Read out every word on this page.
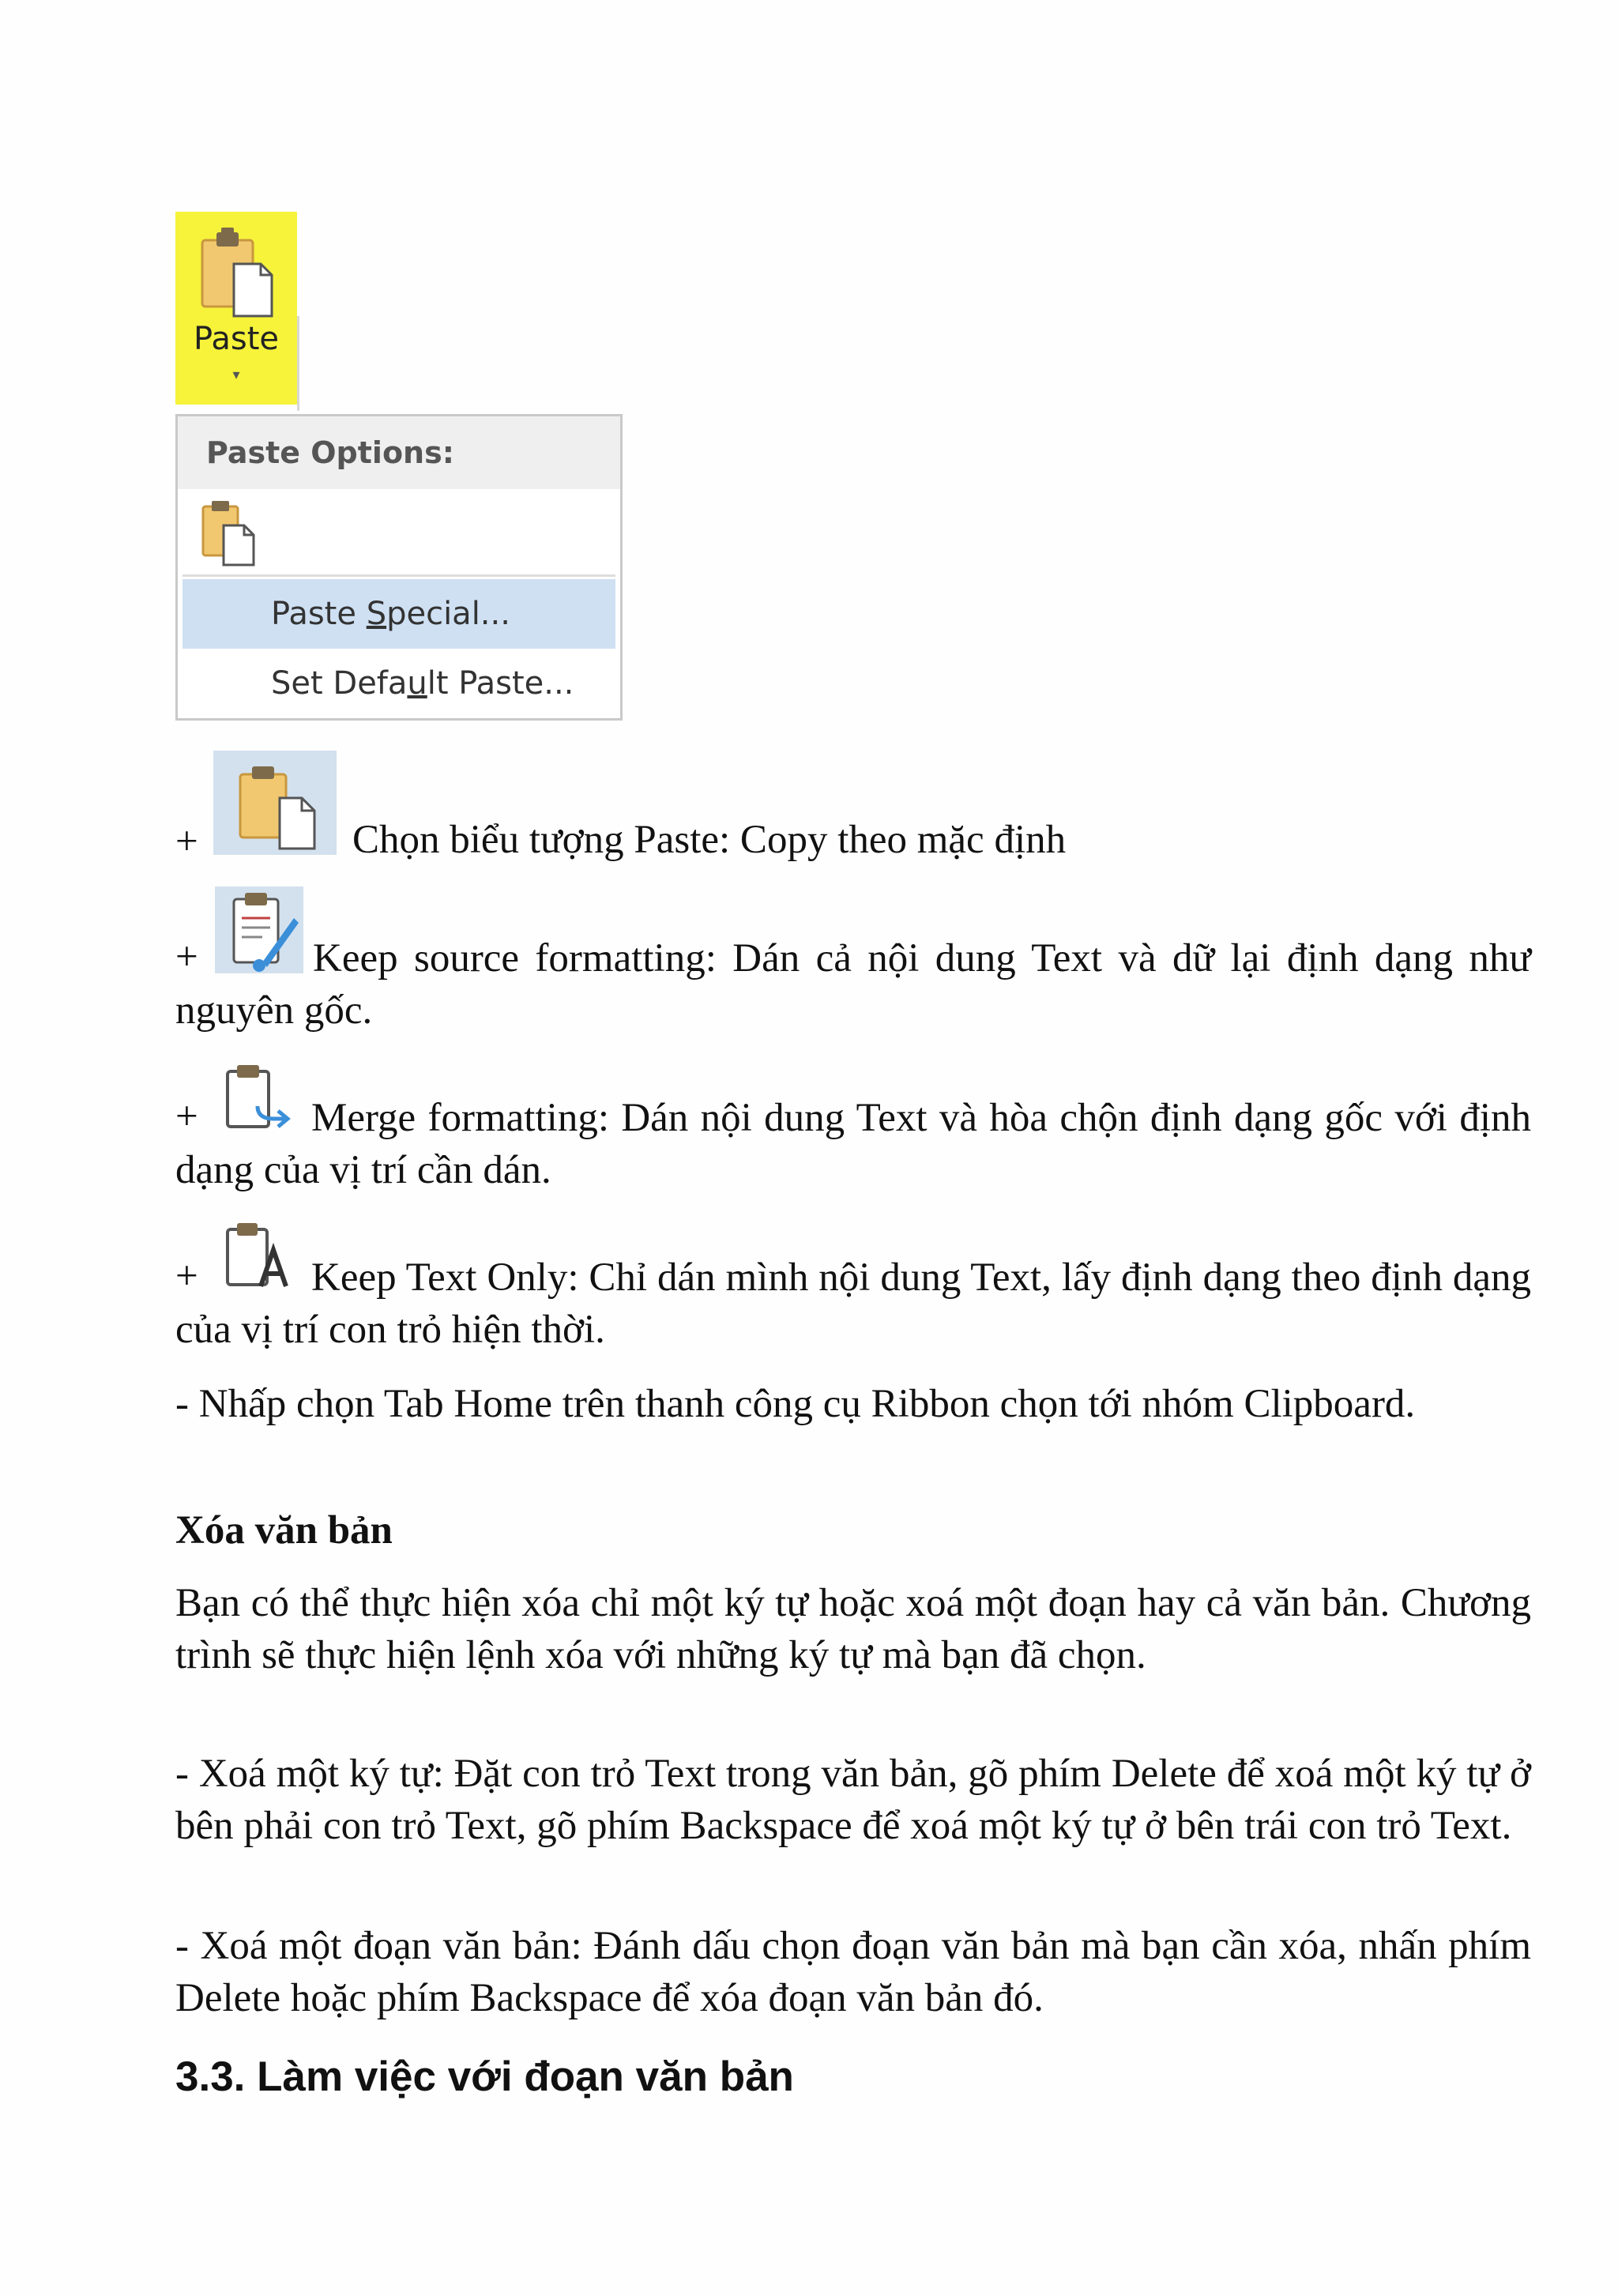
Paste
▾
Paste Options:
Paste Special...
Set Default Paste...
+	Chọn biểu tượng Paste: Copy theo mặc định
+	Keep source formatting: Dán cả nội dung Text và dữ lại định dạng như nguyên gốc.
+	Merge formatting: Dán nội dung Text và hòa chộn định dạng gốc với định dạng của vị trí cần dán.
+	Keep Text Only: Chỉ dán mình nội dung Text, lấy định dạng theo định dạng của vị trí con trỏ hiện thời.
- Nhấp chọn Tab Home trên thanh công cụ Ribbon chọn tới nhóm Clipboard.
Xóa văn bản
Bạn có thể thực hiện xóa chỉ một ký tự hoặc xoá một đoạn hay cả văn bản. Chương trình sẽ thực hiện lệnh xóa với những ký tự mà bạn đã chọn.
- Xoá một ký tự: Đặt con trỏ Text trong văn bản, gõ phím Delete để xoá một ký tự ở bên phải con trỏ Text, gõ phím Backspace để xoá một ký tự ở bên trái con trỏ Text.
- Xoá một đoạn văn bản: Đánh dấu chọn đoạn văn bản mà bạn cần xóa, nhấn phím Delete hoặc phím Backspace để xóa đoạn văn bản đó.
3.3. Làm việc với đoạn văn bản
